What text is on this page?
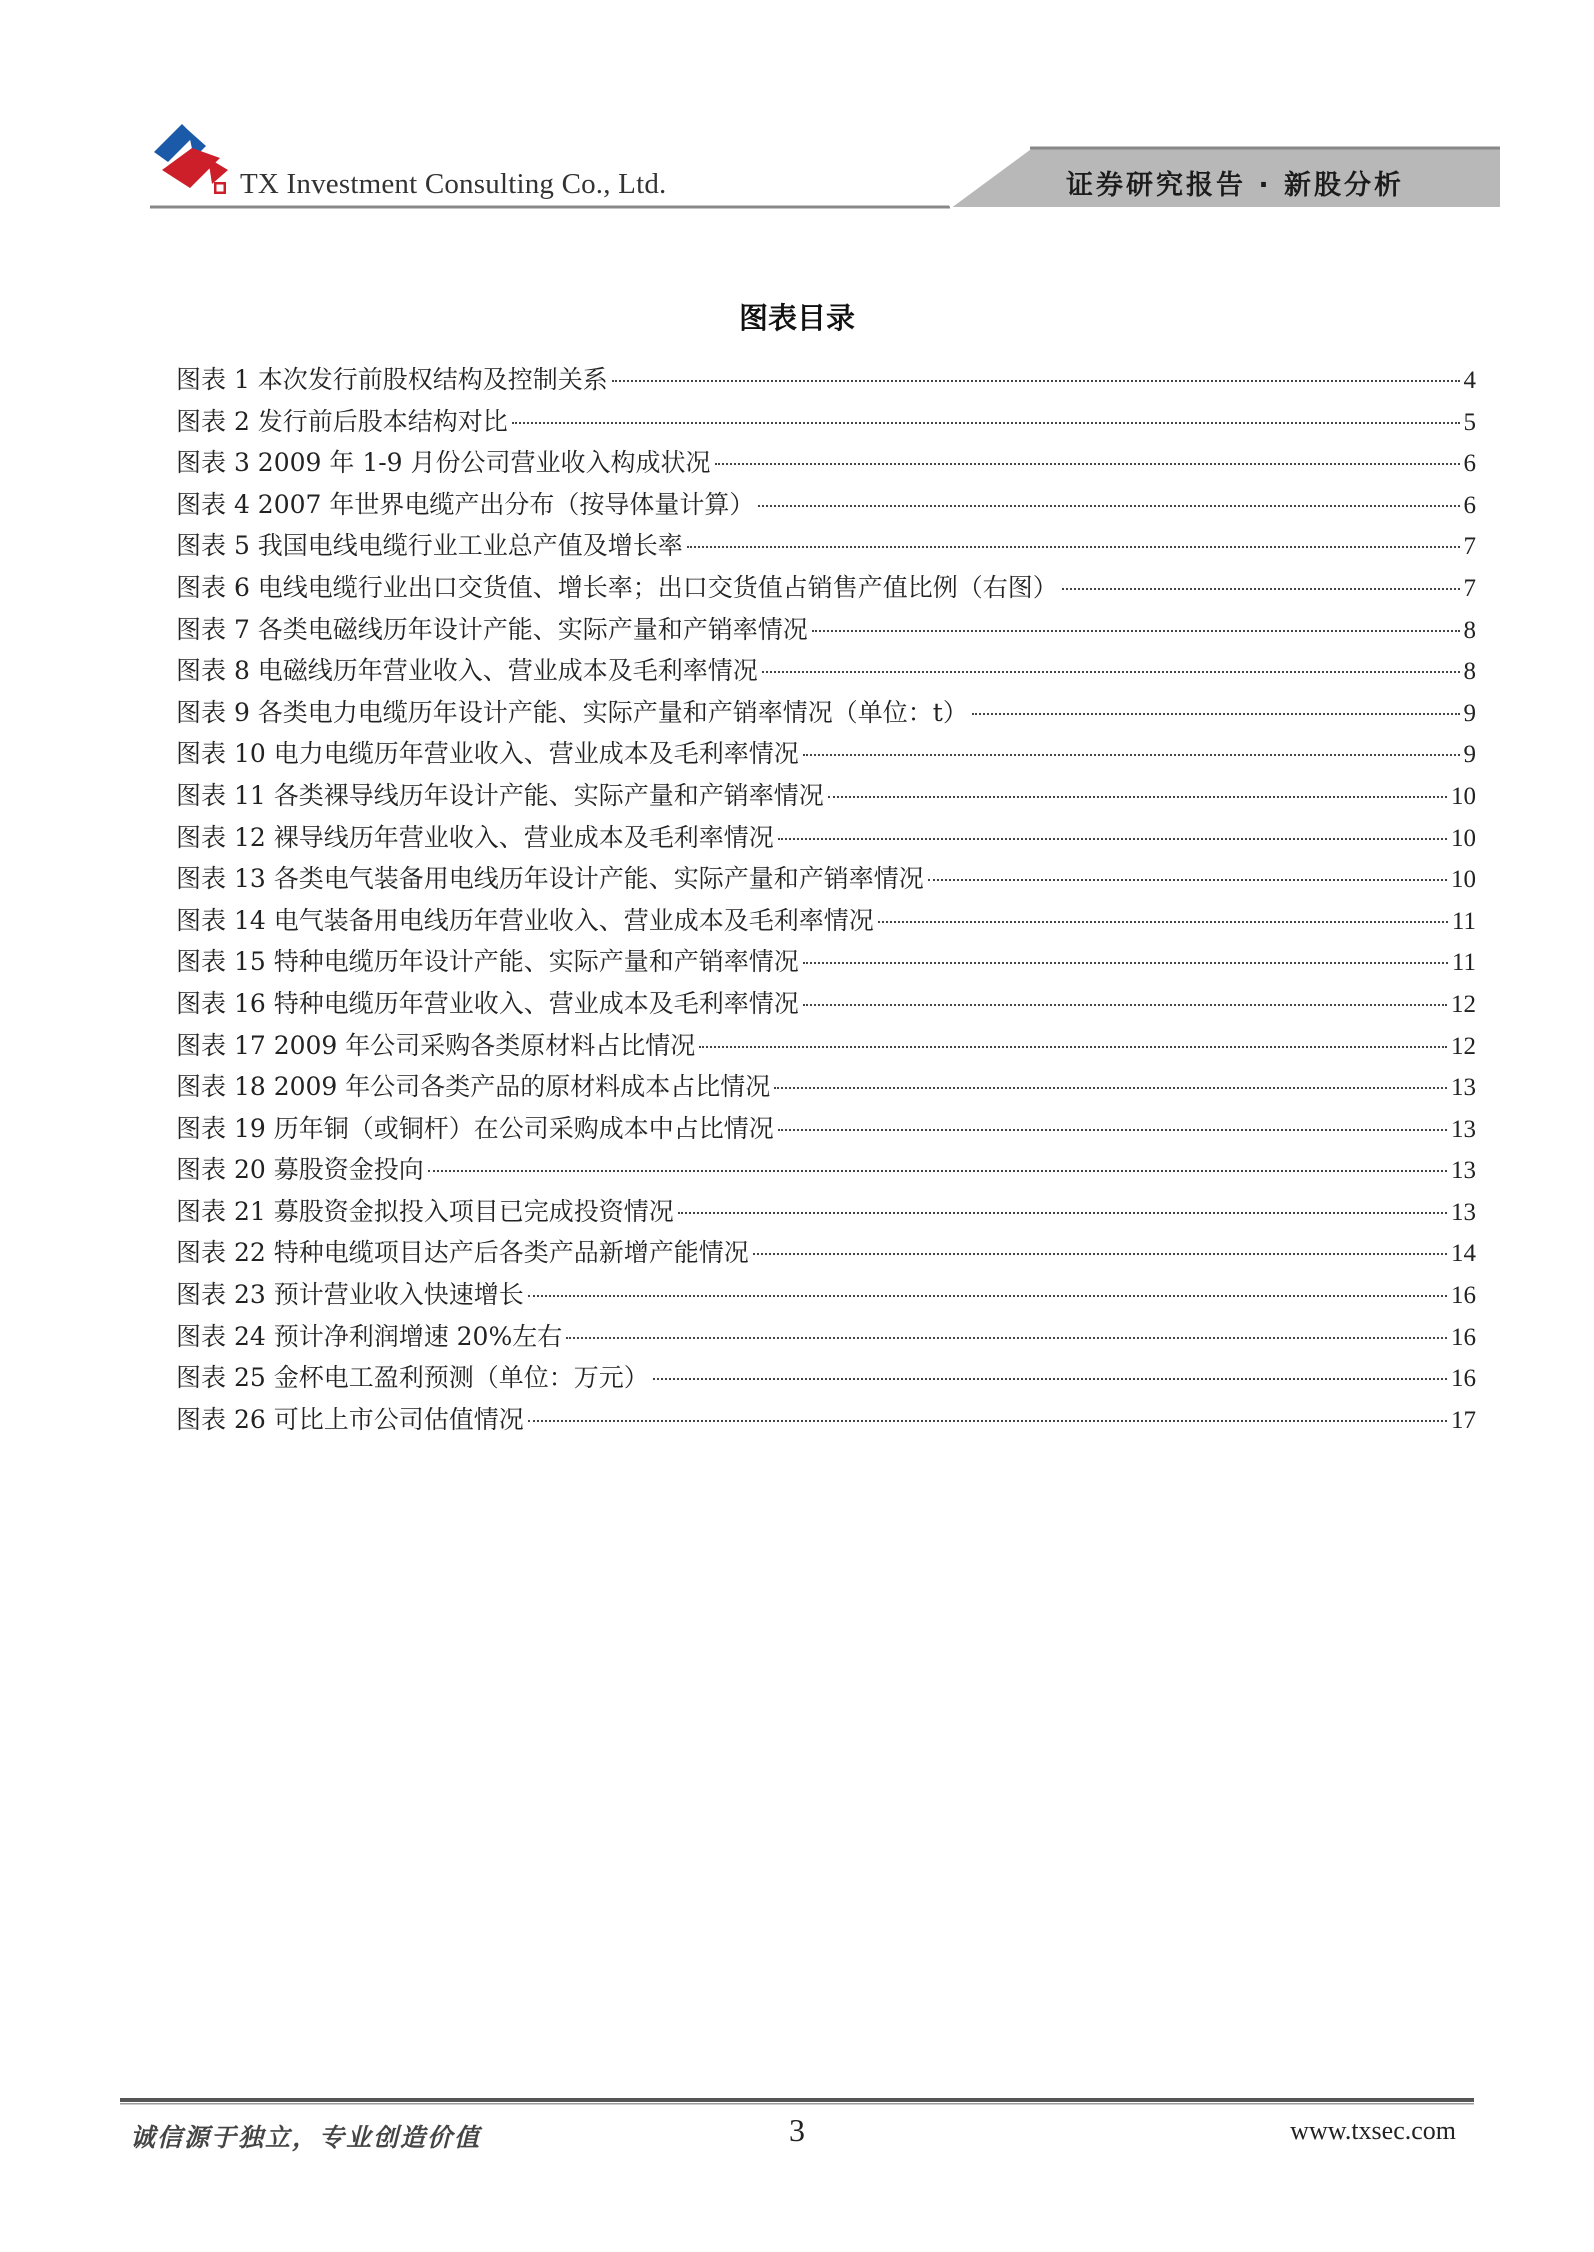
TX Investment Consulting Co., Ltd.	证券研究报告 · 新股分析
图表目录
图表 1 本次发行前股权结构及控制关系	4
图表 2 发行前后股本结构对比	5
图表 3 2009 年 1-9 月份公司营业收入构成状况	6
图表 4 2007 年世界电缆产出分布（按导体量计算）	6
图表 5 我国电线电缆行业工业总产值及增长率	7
图表 6 电线电缆行业出口交货值、增长率；出口交货值占销售产值比例（右图）	7
图表 7 各类电磁线历年设计产能、实际产量和产销率情况	8
图表 8 电磁线历年营业收入、营业成本及毛利率情况	8
图表 9 各类电力电缆历年设计产能、实际产量和产销率情况（单位：t）	9
图表 10 电力电缆历年营业收入、营业成本及毛利率情况	9
图表 11 各类裸导线历年设计产能、实际产量和产销率情况	10
图表 12 裸导线历年营业收入、营业成本及毛利率情况	10
图表 13 各类电气装备用电线历年设计产能、实际产量和产销率情况	10
图表 14 电气装备用电线历年营业收入、营业成本及毛利率情况	11
图表 15 特种电缆历年设计产能、实际产量和产销率情况	11
图表 16 特种电缆历年营业收入、营业成本及毛利率情况	12
图表 17 2009 年公司采购各类原材料占比情况	12
图表 18 2009 年公司各类产品的原材料成本占比情况	13
图表 19 历年铜（或铜杆）在公司采购成本中占比情况	13
图表 20 募股资金投向	13
图表 21 募股资金拟投入项目已完成投资情况	13
图表 22 特种电缆项目达产后各类产品新增产能情况	14
图表 23 预计营业收入快速增长	16
图表 24 预计净利润增速 20%左右	16
图表 25 金杯电工盈利预测（单位：万元）	16
图表 26 可比上市公司估值情况	17
诚信源于独立，专业创造价值	3	www.txsec.com
